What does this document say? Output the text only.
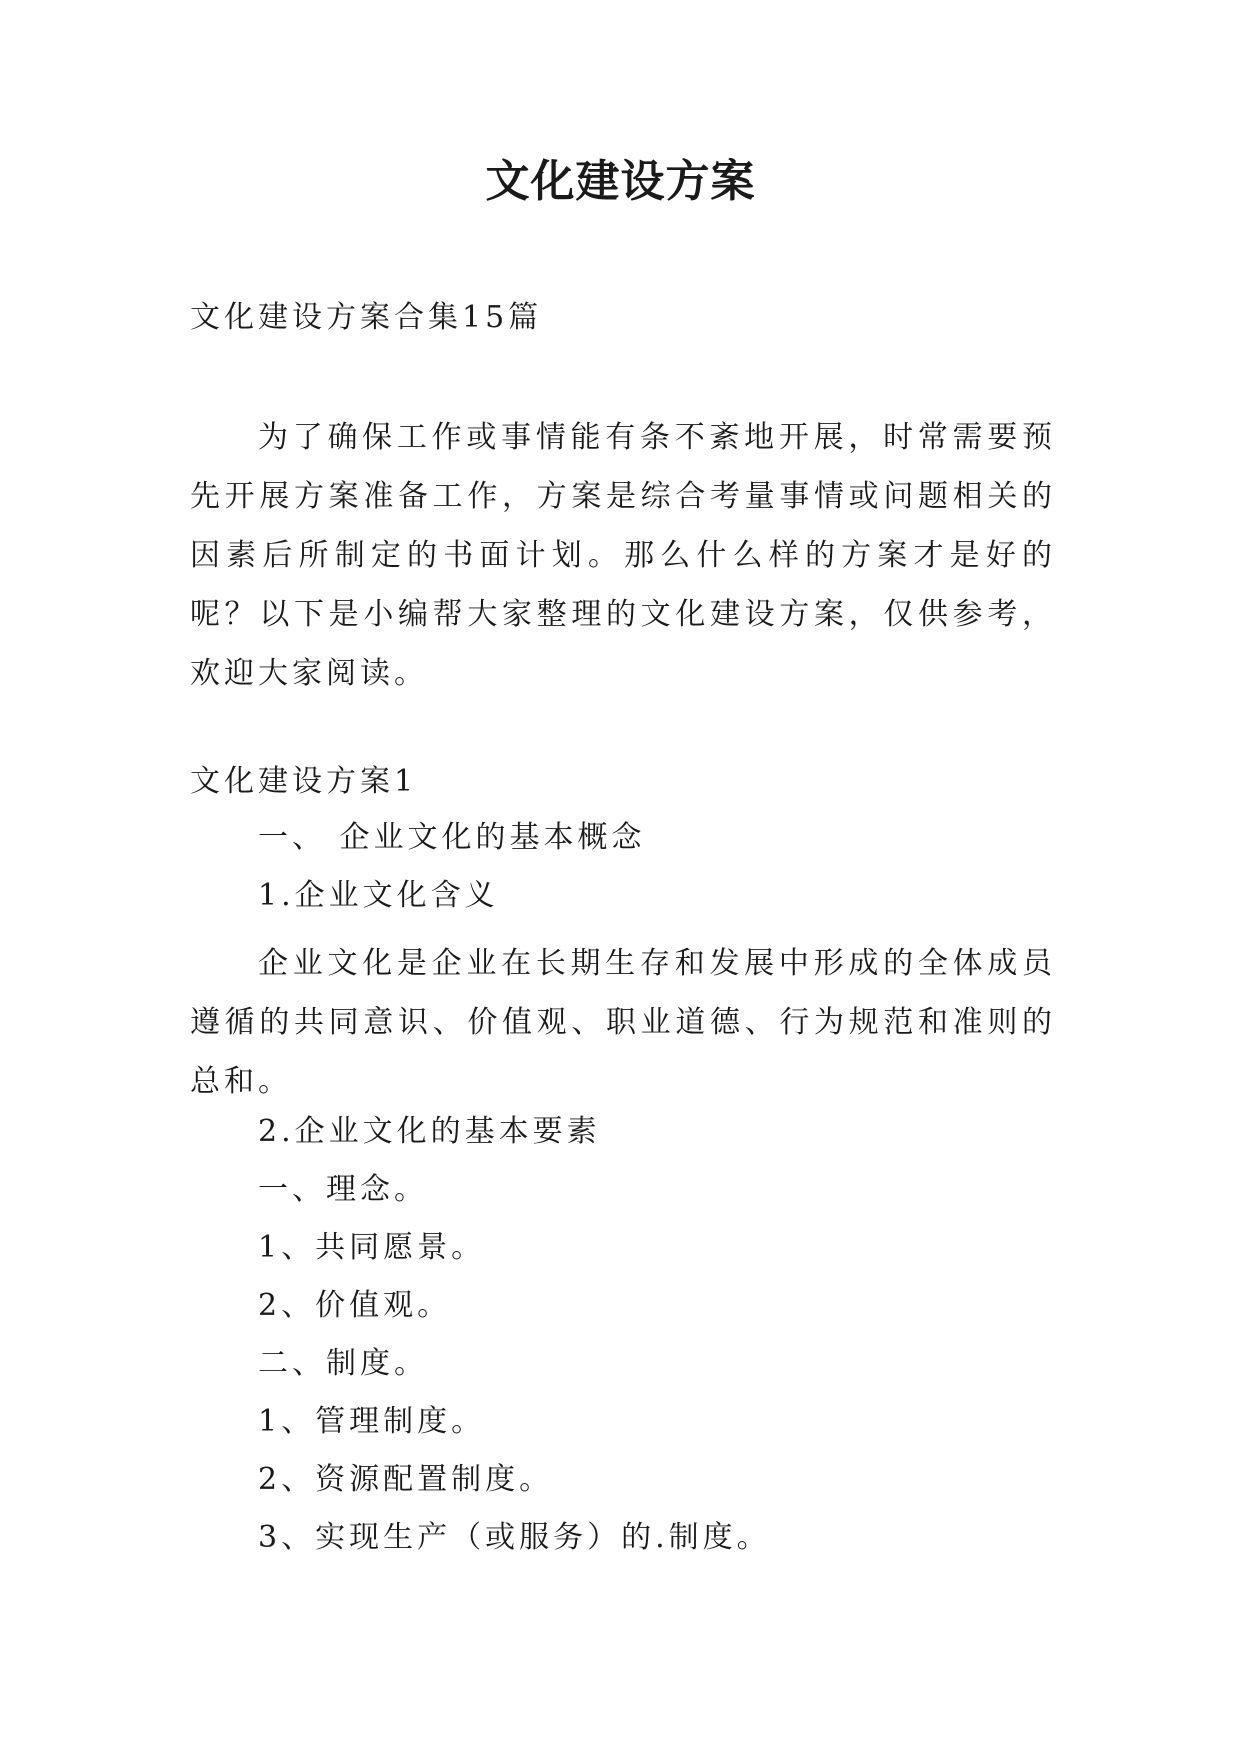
文化建设方案

文化建设方案合集15篇

为了确保工作或事情能有条不紊地开展，时常需要预先开展方案准备工作，方案是综合考量事情或问题相关的因素后所制定的书面计划。那么什么样的方案才是好的呢？以下是小编帮大家整理的文化建设方案，仅供参考，欢迎大家阅读。

文化建设方案1

一、 企业文化的基本概念

1.企业文化含义

企业文化是企业在长期生存和发展中形成的全体成员遵循的共同意识、价值观、职业道德、行为规范和准则的总和。

2.企业文化的基本要素

一、理念。

1、共同愿景。

2、价值观。

二、制度。

1、管理制度。

2、资源配置制度。

3、实现生产（或服务）的.制度。
